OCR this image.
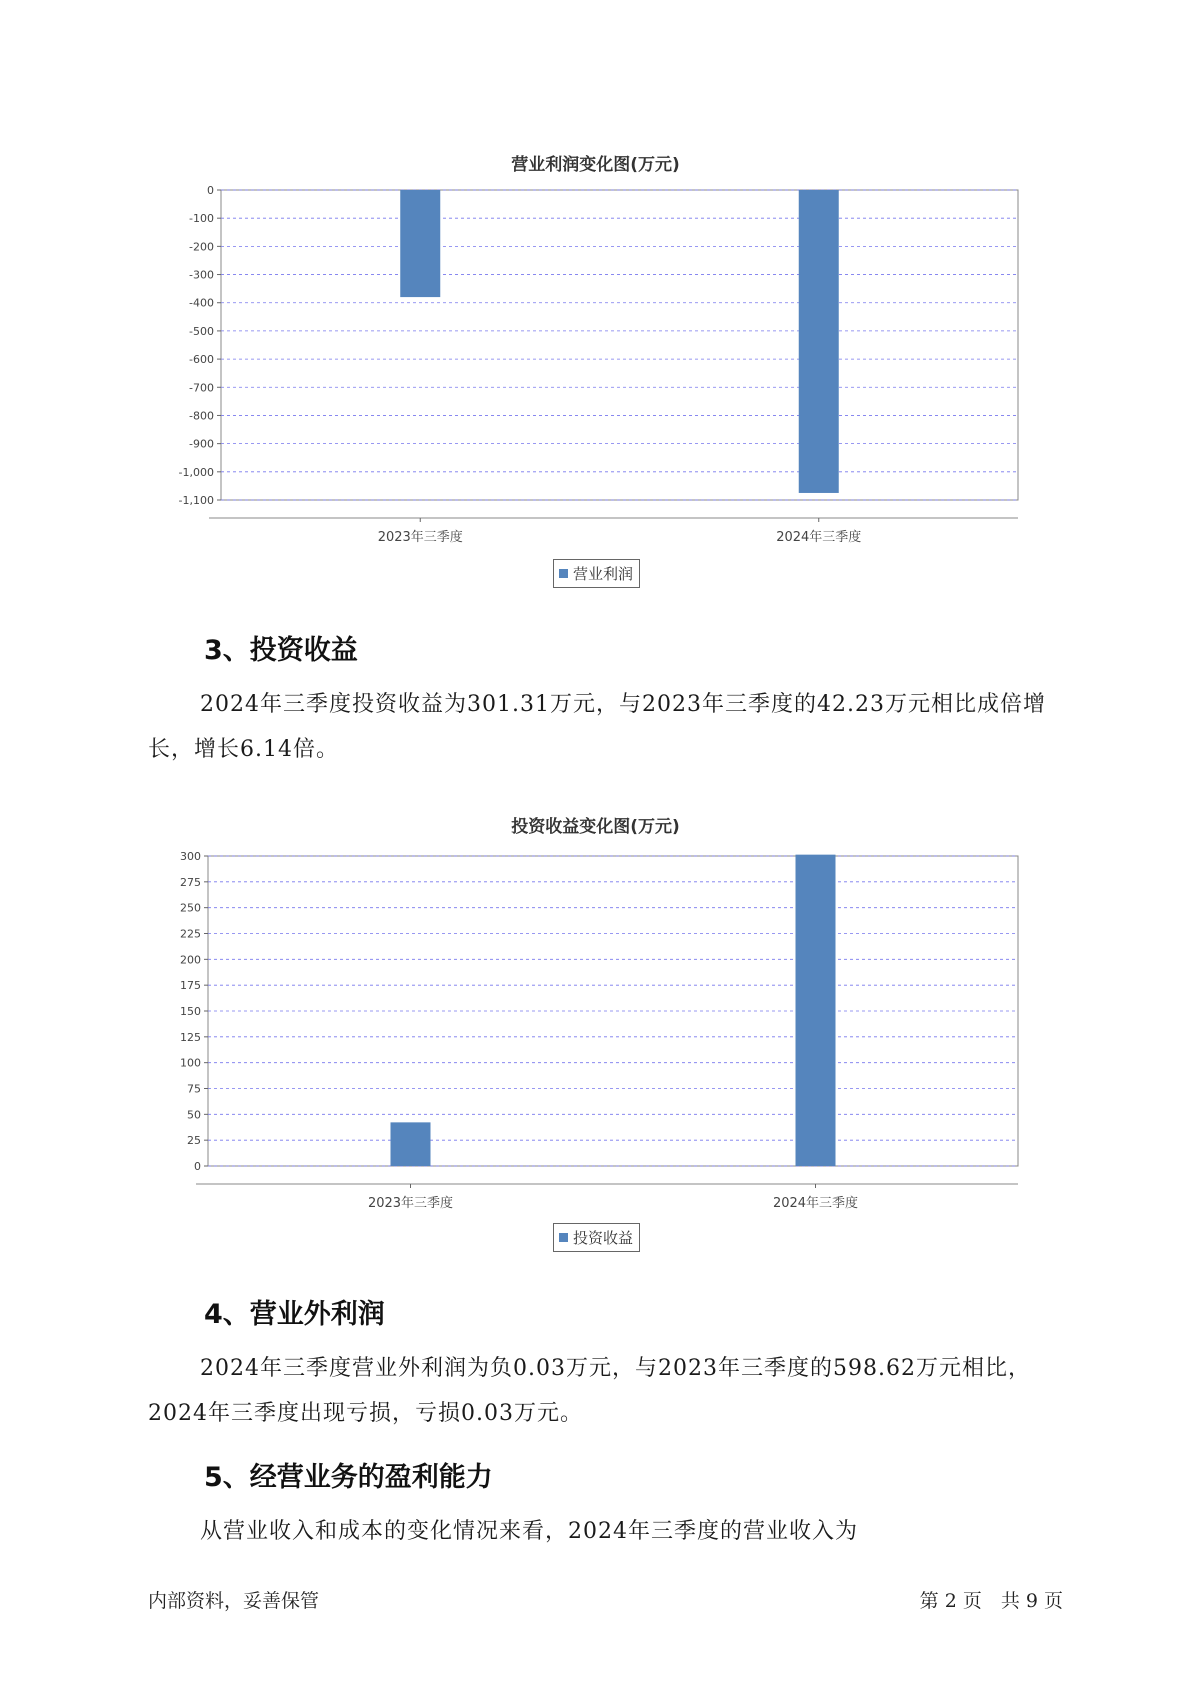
营业利润变化图(万元)
0
-100
-200
-300
-400
-500
-600
-700
-800
-900
-1,000
-1,100
2023年三季度	2024年三季度
营业利润
3、投资收益

2024年三季度投资收益为301.31万元，与2023年三季度的42.23万元相比成倍增长，增长6.14倍。

投资收益变化图(万元)
0
25
50
75
100
125
150
175
200
225
250
275
300
2023年三季度	2024年三季度
投资收益
4、营业外利润

2024年三季度营业外利润为负0.03万元，与2023年三季度的598.62万元相比，2024年三季度出现亏损，亏损0.03万元。

5、经营业务的盈利能力

从营业收入和成本的变化情况来看，2024年三季度的营业收入为

内部资料，妥善保管	第 2 页　共 9 页
